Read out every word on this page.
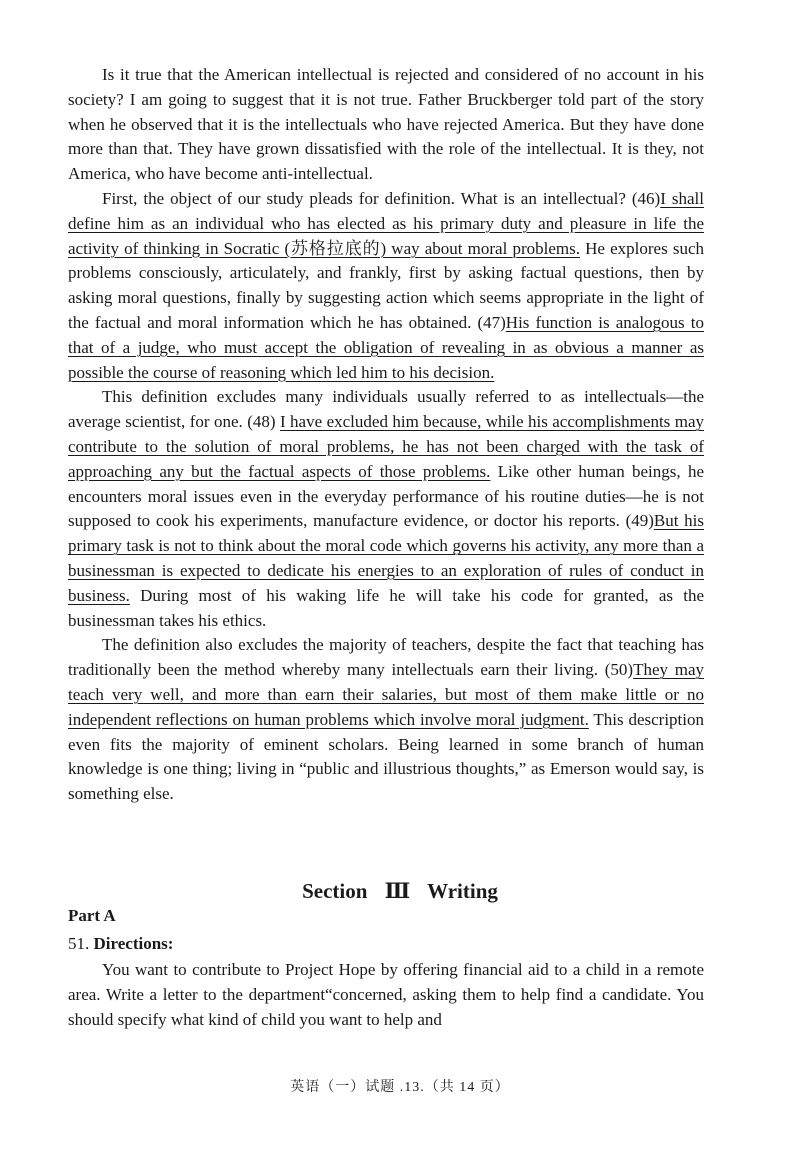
Is it true that the American intellectual is rejected and considered of no account in his society? I am going to suggest that it is not true. Father Bruckberger told part of the story when he observed that it is the intellectuals who have rejected America. But they have done more than that. They have grown dissatisfied with the role of the intellectual. It is they, not America, who have become anti-intellectual.

First, the object of our study pleads for definition. What is an intellectual? (46)I shall define him as an individual who has elected as his primary duty and pleasure in life the activity of thinking in Socratic (苏格拉底的) way about moral problems. He explores such problems consciously, articulately, and frankly, first by asking factual questions, then by asking moral questions, finally by suggesting action which seems appropriate in the light of the factual and moral information which he has obtained. (47)His function is analogous to that of a judge, who must accept the obligation of revealing in as obvious a manner as possible the course of reasoning which led him to his decision.

This definition excludes many individuals usually referred to as intellectuals—the average scientist, for one. (48) I have excluded him because, while his accomplishments may contribute to the solution of moral problems, he has not been charged with the task of approaching any but the factual aspects of those problems. Like other human beings, he encounters moral issues even in the everyday performance of his routine duties—he is not supposed to cook his experiments, manufacture evidence, or doctor his reports. (49)But his primary task is not to think about the moral code which governs his activity, any more than a businessman is expected to dedicate his energies to an exploration of rules of conduct in business. During most of his waking life he will take his code for granted, as the businessman takes his ethics.

The definition also excludes the majority of teachers, despite the fact that teaching has traditionally been the method whereby many intellectuals earn their living. (50)They may teach very well, and more than earn their salaries, but most of them make little or no independent reflections on human problems which involve moral judgment. This description even fits the majority of eminent scholars. Being learned in some branch of human knowledge is one thing; living in “public and illustrious thoughts,” as Emerson would say, is something else.

Section Ⅲ Writing
Part A
51. Directions:

You want to contribute to Project Hope by offering financial aid to a child in a remote area. Write a letter to the department“concerned, asking them to help find a candidate. You should specify what kind of child you want to help and

英语（一）试题 .13.（共 14 页）
